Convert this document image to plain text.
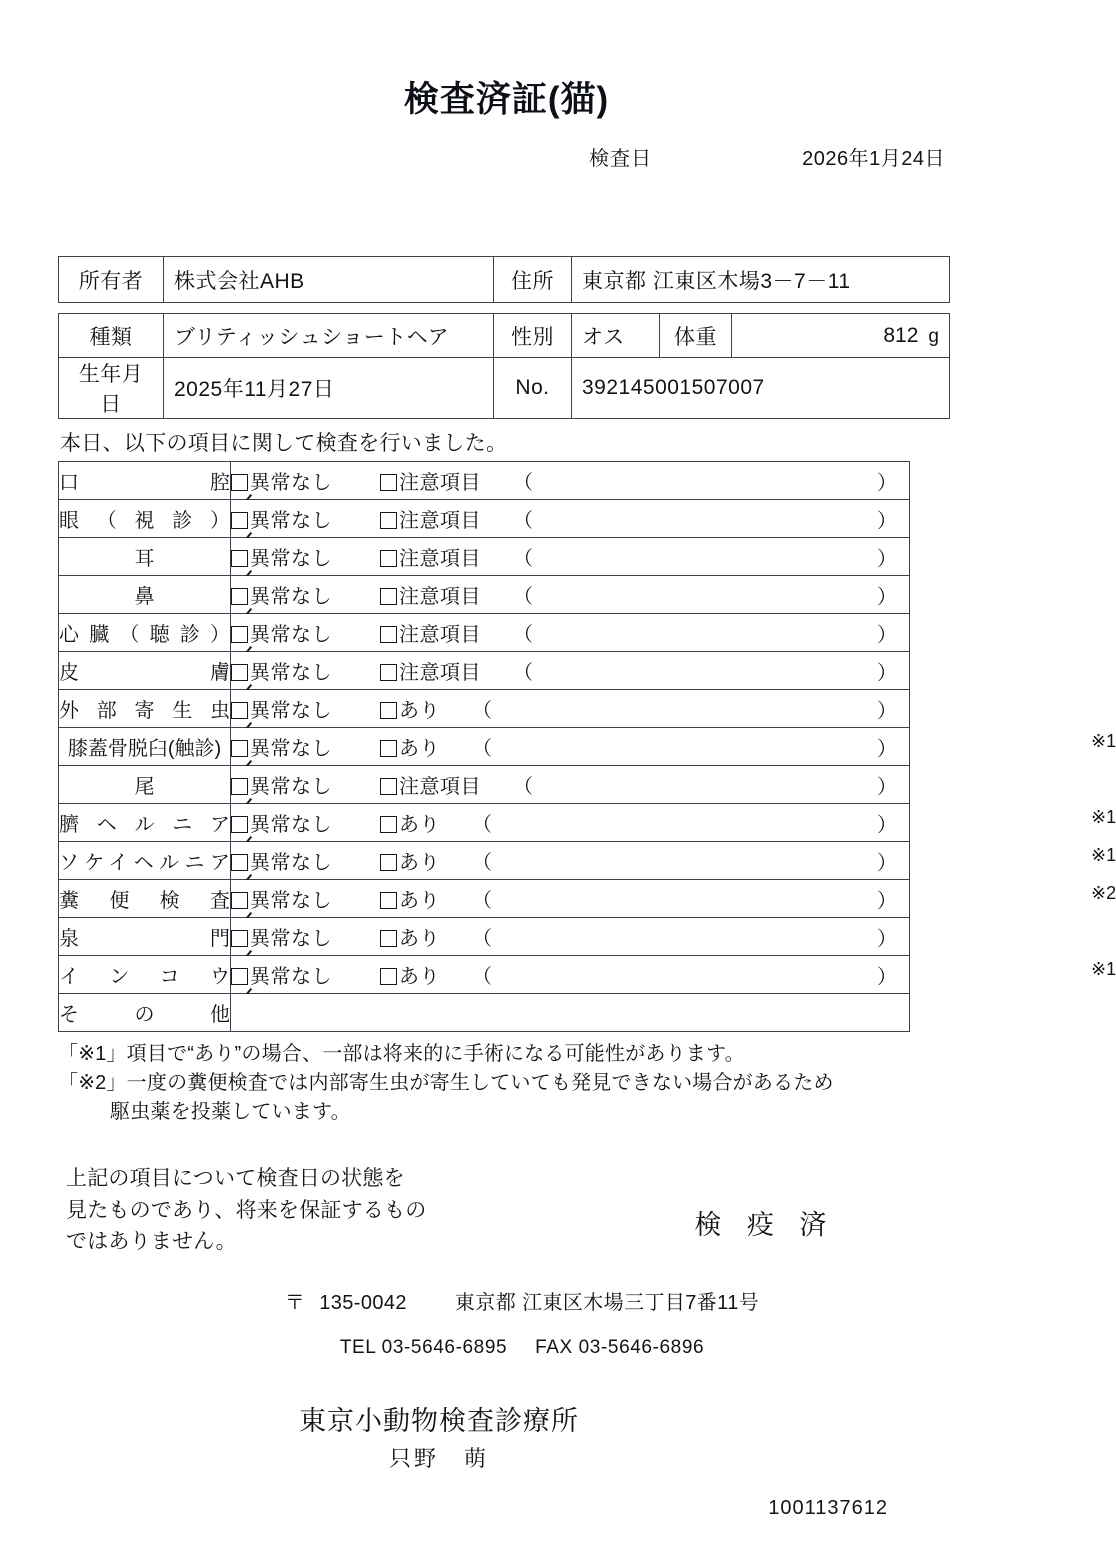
検査済証(猫)
検査日	2026年1月24日
所有者	株式会社AHB	住所	東京都 江東区木場3－7－11
種類	ブリティッシュショートヘア	性別	オス	体重	812 g
生年月日	2025年11月27日	No.	392145001507007		
本日、以下の項目に関して検査を行いました。
口　　　　　腔	異常なし 注意項目 （ ）

眼（視診）	異常なし 注意項目 （ ）

耳	異常なし 注意項目 （ ）

鼻	異常なし 注意項目 （ ）

心臓（聴診）	異常なし 注意項目 （ ）

皮　　　　　膚	異常なし 注意項目 （ ）

外部寄生虫	異常なし あり （ ）

膝蓋骨脱臼(触診)	異常なし あり （ ） ※1

尾	異常なし 注意項目 （ ）

臍ヘルニア	異常なし あり （ ） ※1

ソケイヘルニア	異常なし あり （ ） ※1

糞便検査	異常なし あり （ ） ※2

泉　　　　　門	異常なし あり （ ）

インコウ	異常なし あり （ ） ※1

そ　　の　　他	
「※1」項目で“あり”の場合、一部は将来的に手術になる可能性があります。
「※2」一度の糞便検査では内部寄生虫が寄生していても発見できない場合があるため
駆虫薬を投薬しています。
上記の項目について検査日の状態を
見たものであり、将来を保証するもの
ではありません。
検 疫 済
〒 135-0042 東京都 江東区木場三丁目7番11号
TEL 03-5646-6895 FAX 03-5646-6896
東京小動物検査診療所
只野　萌
1001137612
